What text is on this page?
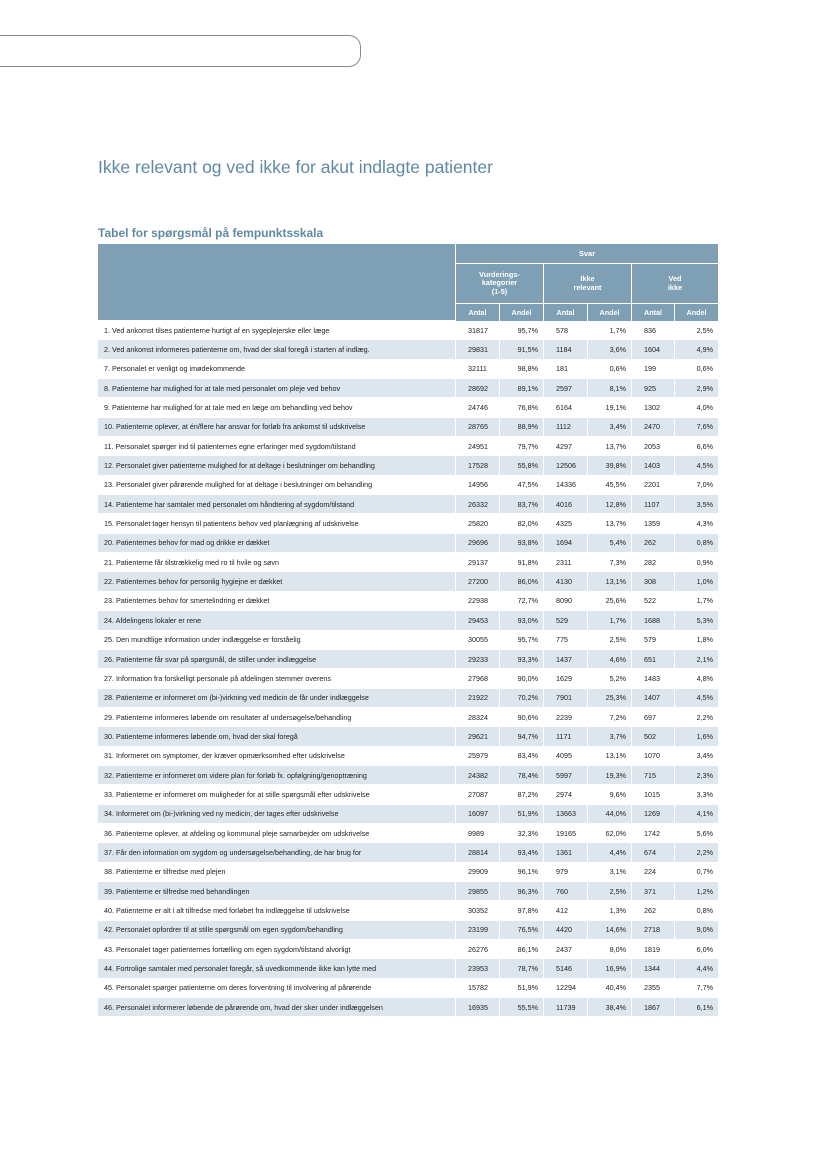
Ikke relevant og ved ikke for akut indlagte patienter
Tabel for spørgsmål på fempunktsskala
	Svar					
	Vurderings-
kategorier
(1-5)		Ikke
relevant		Ved
ikke	
	Antal	Andel	Antal	Andel	Antal	Andel
1. Ved ankomst tilses patienterne hurtigt af en sygeplejerske eller læge	31817	95,7%	578	1,7%	836	2,5%
2. Ved ankomst informeres patienterne om, hvad der skal foregå i starten af indlæg.	29831	91,5%	1184	3,6%	1604	4,9%
7. Personalet er venligt og imødekommende	32111	98,8%	181	0,6%	199	0,6%
8. Patienterne har mulighed for at tale med personalet om pleje ved behov	28692	89,1%	2597	8,1%	925	2,9%
9. Patienterne har mulighed for at tale med en læge om behandling ved behov	24746	76,8%	6164	19,1%	1302	4,0%
10. Patienterne oplever, at én/flere har ansvar for forløb fra ankomst til udskrivelse	28765	88,9%	1112	3,4%	2470	7,6%
11. Personalet spørger ind til patienternes egne erfaringer med sygdom/tilstand	24951	79,7%	4297	13,7%	2053	6,6%
12. Personalet giver patienterne mulighed for at deltage i beslutninger om behandling	17528	55,8%	12506	39,8%	1403	4,5%
13. Personalet giver pårørende mulighed for at deltage i beslutninger om behandling	14956	47,5%	14336	45,5%	2201	7,0%
14. Patienterne har samtaler med personalet om håndtering af sygdom/tilstand	26332	83,7%	4016	12,8%	1107	3,5%
15. Personalet tager hensyn til patientens behov ved planlægning af udskrivelse	25820	82,0%	4325	13,7%	1359	4,3%
20. Patienternes behov for mad og drikke er dækket	29696	93,8%	1694	5,4%	262	0,8%
21. Patienterne får tilstrækkelig med ro til hvile og søvn	29137	91,8%	2311	7,3%	282	0,9%
22. Patienternes behov for personlig hygiejne er dækket	27200	86,0%	4130	13,1%	308	1,0%
23. Patienternes behov for smertelindring er dækket	22938	72,7%	8090	25,6%	522	1,7%
24. Afdelingens lokaler er rene	29453	93,0%	529	1,7%	1688	5,3%
25. Den mundtlige information under indlæggelse er forståelig	30055	95,7%	775	2,5%	579	1,8%
26. Patienterne får svar på spørgsmål, de stiller under indlæggelse	29233	93,3%	1437	4,6%	651	2,1%
27. Information fra forskelligt personale på afdelingen stemmer overens	27968	90,0%	1629	5,2%	1483	4,8%
28. Patienterne er informeret om (bi-)virkning ved medicin de får under indlæggelse	21922	70,2%	7901	25,3%	1407	4,5%
29. Patienterne informeres løbende om resultater af undersøgelse/behandling	28324	90,6%	2239	7,2%	697	2,2%
30. Patienterne informeres løbende om, hvad der skal foregå	29621	94,7%	1171	3,7%	502	1,6%
31. Informeret om symptomer, der kræver opmærksomhed efter udskrivelse	25979	83,4%	4095	13,1%	1070	3,4%
32. Patienterne er informeret om videre plan for forløb fx. opfølgning/genoptræning	24382	78,4%	5997	19,3%	715	2,3%
33. Patienterne er informeret om muligheder for at stille spørgsmål efter udskrivelse	27087	87,2%	2974	9,6%	1015	3,3%
34. Informeret om (bi-)virkning ved ny medicin, der tages efter udskrivelse	16097	51,9%	13663	44,0%	1269	4,1%
36. Patienterne oplever, at afdeling og kommunal pleje samarbejder om udskrivelse	9989	32,3%	19165	62,0%	1742	5,6%
37. Får den information om sygdom og undersøgelse/behandling, de har brug for	28814	93,4%	1361	4,4%	674	2,2%
38. Patienterne er tilfredse med plejen	29909	96,1%	979	3,1%	224	0,7%
39. Patienterne er tilfredse med behandlingen	29855	96,3%	760	2,5%	371	1,2%
40. Patienterne er alt i alt tilfredse med forløbet fra indlæggelse til udskrivelse	30352	97,8%	412	1,3%	262	0,8%
42. Personalet opfordrer til at stille spørgsmål om egen sygdom/behandling	23199	76,5%	4420	14,6%	2718	9,0%
43. Personalet tager patienternes fortælling om egen sygdom/tilstand alvorligt	26276	86,1%	2437	8,0%	1819	6,0%
44. Fortrolige samtaler med personalet foregår, så uvedkommende ikke kan lytte med	23953	78,7%	5146	16,9%	1344	4,4%
45. Personalet spørger patienterne om deres forventning til involvering af pårørende	15782	51,9%	12294	40,4%	2355	7,7%
46. Personalet informerer løbende de pårørende om, hvad der sker under indlæggelsen	16935	55,5%	11739	38,4%	1867	6,1%
